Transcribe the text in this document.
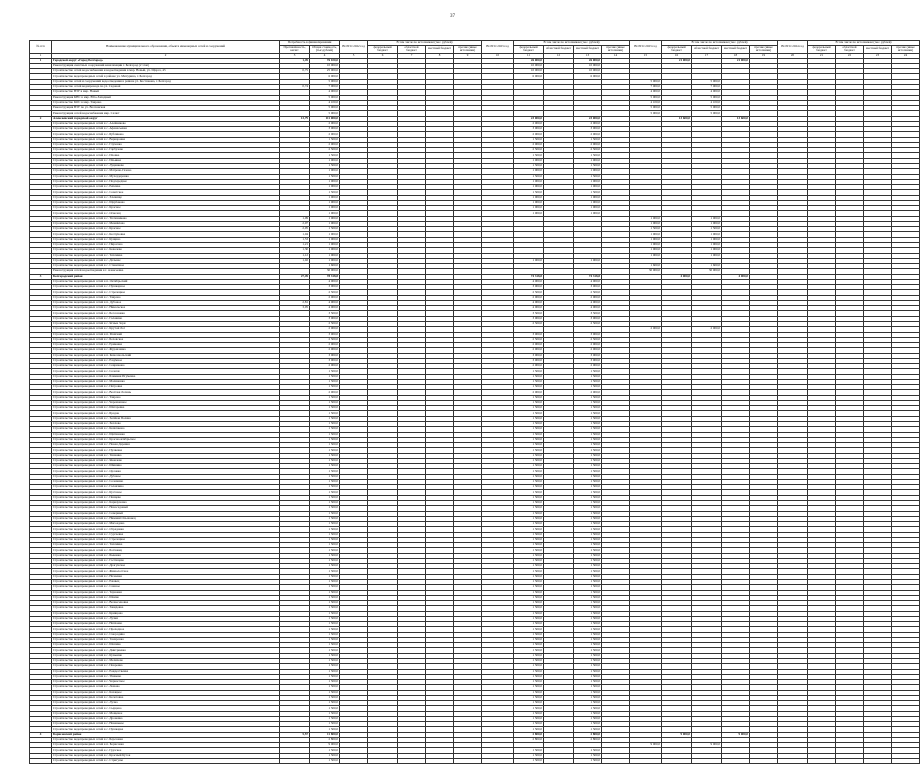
37
№ п/п	Наименование муниципального образования, объекта инженерных сетей и сооружений	Потребность в финансировании		ВСЕГО 2022 год	В том числе по источникам (тыс. рублей)				ВСЕГО 2023 год	В том числе по источникам (тыс. рублей)				ВСЕГО 2023 год	В том числе по источникам (тыс. рублей)				ВСЕГО 2024 год	В том числе по источникам (тыс. рублей)			
		Протяжённость, км/шт	Общая стоимость, (тыс.рублей)		федеральный бюджет	областной бюджет	местный бюджет	прочие (иные источники)		федеральный бюджет	областной бюджет	местный бюджет	прочие (иные источники)		федеральный бюджет	областной бюджет	местный бюджет	прочие (иные источники)		федеральный бюджет	областной бюджет	местный бюджет	прочие (иные источники)
1	2	3	4	5	6	7	8	9	10	11	12	13	14	15	16	17	18	19	20	21	22	23	24
1	Городской округ «Город Белгород»	1,49	76 100,0							26 000,0		26 000,0			21 000,0		21 000,0						
	Реконструкция очистных сооружений канализации г. Белгород (2 этап)		10 000,0							10 000,0		10 000,0											
	Строительство сетей водоснабжения и водоотведения в мкр. Новый, ул. Щорса, 45	0,75	25 000,0							10 000,0		10 000,0											
	Строительство водопроводных сетей в районе ул. Мичурина, г. Белгород		6 000,0							6 000,0		6 000,0											
	Строительство сетей и сооружений водоотведения в районе ул. Костюкова, г. Белгород		5 000,0											5 000,0		5 000,0							
	Строительство сетей водопровода по ул. Садовой	0,74	7 000,0											7 000,0		7 000,0							
	Строительство ВЗУ в мкр. Новый		4 000,0											4 000,0		4 000,0							
	Реконструкция КНС в мкр. Юго-Западный		5 000,0											5 000,0		5 000,0							
	Строительство КОС в мкр. Таврово		4 100,0											4 100,0		4 100,0							
	Реконструкция ВЗУ по ул. Волчанская		5 000,0											5 000,0		5 000,0							
	Реконструкция сетей водоснабжения мкр. Салют		5 000,0											5 000,0		5 000,0							
2	Алексеевский городской округ	13,79	111 000,0							23 000,0		23 000,0			13 600,0		13 600,0						
	Строительство водопроводных сетей в с. Алейниково		2 000,0							2 000,0		2 000,0											
	Строительство водопроводных сетей в с. Афанасьевка		3 000,0							3 000,0		3 000,0											
	Строительство водопроводных сетей в с. Бубликово		2 000,0							2 000,0		2 000,0											
	Строительство водопроводных сетей в с. Варваровка		1 500,0							1 500,0		1 500,0											
	Строительство водопроводных сетей в с. Глуховка		2 000,0							2 000,0		2 000,0											
	Строительство водопроводных сетей в с. Гарбузово		2 500,0							2 500,0		2 500,0											
	Строительство водопроводных сетей в с. Иловка		1 500,0							1 500,0		1 500,0											
	Строительство водопроводных сетей в с. Ильинка		1 000,0							1 000,0		1 000,0											
	Строительство водопроводных сетей в с. Луценково		1 500,0							1 500,0		1 500,0											
	Строительство водопроводных сетей в с. Матрено-Гезово		1 000,0							1 000,0		1 000,0											
	Строительство водопроводных сетей в с. Мухоудеровка		1 500,0							1 500,0		1 500,0											
	Строительство водопроводных сетей в с. Подсереднее		1 000,0							1 000,0		1 000,0											
	Строительство водопроводных сетей в с. Репенка		1 000,0							1 000,0		1 000,0											
	Строительство водопроводных сетей в с. Советское		1 500,0							1 500,0		1 500,0											
	Строительство водопроводных сетей в с. Хлевище		1 000,0							1 000,0		1 000,0											
	Строительство водопроводных сетей в с. Щербаково		1 000,0							1 000,0		1 000,0											
	Строительство водопроводных сетей в с. Красное		1 000,0							1 000,0		1 000,0											
	Строительство водопроводных сетей в с. Осколец		1 000,0							1 000,0		1 000,0											
	Строительство водопроводных сетей в с. Тютюниково	1,09	1 000,0											1 000,0		1 000,0							
	Строительство водопроводных сетей в с. Меняйлово	2,07	1 000,0											1 000,0		1 000,0							
	Строительство водопроводных сетей в с. Красное	2,05	1 500,0											1 500,0		1 500,0							
	Строительство водопроводных сетей в с. Колтуновка	1,04	1 000,0											1 000,0		1 000,0							
	Строительство водопроводных сетей в с. Кущино	1,53	1 000,0											1 000,0		1 000,0							
	Строительство водопроводных сетей в с. Пирогово	1,21	1 000,0											1 000,0		1 000,0							
	Строительство водопроводных сетей в с. Ковалево	1,30	1 000,0											1 000,0		1 000,0							
	Строительство водопроводных сетей в с. Теплинка	1,12	1 000,0											1 000,0		1 000,0							
	Строительство водопроводных сетей в с. Дальнее	1,02	1 000,0							1 000,0		1 000,0											
	Строительство водопроводных сетей в с. Станичное		1 600,0											1 600,0		1 600,0							
	Реконструкция сетей водоотведения в г. Алексеевка		30 000,0											30 000,0		30 000,0							
3	Белгородский район	27,49	78 318,8							74 318,8		74 318,8			4 000,0		4 000,0						
	Строительство водопроводных сетей в п. Октябрьский		4 000,0							4 000,0		4 000,0											
	Строительство водопроводных сетей в с. Пушкарное		3 000,0							3 000,0		3 000,0											
	Строительство водопроводных сетей в с. Стрелецкое		2 500,0							2 500,0		2 500,0											
	Строительство водопроводных сетей в с. Таврово		2 000,0							2 000,0		2 000,0											
	Строительство водопроводных сетей в п. Дубовое	2,81	4 000,0							4 000,0		4 000,0											
	Строительство водопроводных сетей в с. Никольское	3,05	4 000,0							4 000,0		4 000,0											
	Строительство водопроводных сетей в с. Бессоновка		3 500,0							3 500,0		3 500,0											
	Строительство водопроводных сетей в с. Головино		3 000,0							3 000,0		3 000,0											
	Строительство водопроводных сетей в с. Ясные Зори		2 500,0							2 500,0		2 500,0											
	Строительство водопроводных сетей в с. Крутой Лог		2 000,0											2 000,0		2 000,0							
	Строительство водопроводных сетей в п. Майский		3 000,0							3 000,0		3 000,0											
	Строительство водопроводных сетей в с. Беловское		2 500,0							2 500,0		2 500,0											
	Строительство водопроводных сетей в с. Ериковка		2 000,0							2 000,0		2 000,0											
	Строительство водопроводных сетей в с. Журавлевка		2 000,0							2 000,0		2 000,0											
	Строительство водопроводных сетей в п. Комсомольский		3 000,0							3 000,0		3 000,0											
	Строительство водопроводных сетей в с. Разумное		3 000,0							3 000,0		3 000,0											
	Строительство водопроводных сетей в с. Севрюково		2 000,0							2 000,0		2 000,0											
	Строительство водопроводных сетей в с. Солохи		1 500,0							1 500,0		1 500,0											
	Строительство водопроводных сетей в с. Ближняя Игуменка		1 500,0							1 500,0		1 500,0											
	Строительство водопроводных сетей в с. Малиновка		1 500,0							1 500,0		1 500,0											
	Строительство водопроводных сетей в с. Петровка		1 500,0							1 500,0		1 500,0											
	Строительство водопроводных сетей в с. Весёлая Лопань		2 000,0							2 000,0		2 000,0											
	Строительство водопроводных сетей в с. Тавровo		1 500,0							1 500,0		1 500,0											
	Строительство водопроводных сетей в с. Черемошное		1 500,0							1 500,0		1 500,0											
	Строительство водопроводных сетей в с. Шагаровка		1 500,0							1 500,0		1 500,0											
	Строительство водопроводных сетей в с. Бродок		1 500,0							1 500,0		1 500,0											
	Строительство водопроводных сетей в с. Зелёная Поляна		1 500,0							1 500,0		1 500,0											
	Строительство водопроводных сетей в с. Хохлово		1 500,0							1 500,0		1 500,0											
	Строительство водопроводных сетей в с. Кошлаково		1 500,0							1 500,0		1 500,0											
	Строительство водопроводных сетей в с. Щетиновка		1 500,0							1 500,0		1 500,0											
	Строительство водопроводных сетей в с. Краснооктябрьское		1 500,0							1 500,0		1 500,0											
	Строительство водопроводных сетей в с. Новая Деревня		1 500,0							1 500,0		1 500,0											
	Строительство водопроводных сетей в с. Пуляевка		1 500,0							1 500,0		1 500,0											
	Строительство водопроводных сетей в с. Тишанка		1 500,0							1 500,0		1 500,0											
	Строительство водопроводных сетей в с. Яковлево		1 500,0							1 500,0		1 500,0											
	Строительство водопроводных сетей в с. Шишино		1 500,0							1 500,0		1 500,0											
	Строительство водопроводных сетей в с. Орловка		1 500,0							1 500,0		1 500,0											
	Строительство водопроводных сетей в с. Дубовое		1 500,0							1 500,0		1 500,0											
	Строительство водопроводных сетей в с. Соломино		1 500,0							1 500,0		1 500,0											
	Строительство водопроводных сетей в с. Головчино		1 500,0							1 500,0		1 500,0											
	Строительство водопроводных сетей в с. Кустовое		1 500,0							1 500,0		1 500,0											
	Строительство водопроводных сетей в с. Пенцево		1 500,0							1 500,0		1 500,0											
	Строительство водопроводных сетей в с. Карнауховка		1 500,0							1 500,0		1 500,0											
	Строительство водопроводных сетей в с. Новосадовый		1 500,0							1 500,0		1 500,0											
	Строительство водопроводных сетей в с. Северный		1 500,0							1 500,0		1 500,0											
	Строительство водопроводных сетей в с. Нижний Ольшанец		1 500,0							1 500,0		1 500,0											
	Строительство водопроводных сетей в с. Мясоедово		1 500,0							1 500,0		1 500,0											
	Строительство водопроводных сетей в с. Отрадовка		1 500,0							1 500,0		1 500,0											
	Строительство водопроводных сетей в с. Сургаевка		1 500,0							1 500,0		1 500,0											
	Строительство водопроводных сетей в с. Стрелецкое		1 500,0							1 500,0		1 500,0											
	Строительство водопроводных сетей в с. Топлинка		1 500,0							1 500,0		1 500,0											
	Строительство водопроводных сетей в с. Болховец		1 500,0							1 500,0		1 500,0											
	Строительство водопроводных сетей в с. Быковка		1 500,0							1 500,0		1 500,0											
	Строительство водопроводных сетей в с. Гостищево		1 500,0							1 500,0		1 500,0											
	Строительство водопроводных сетей в с. Драгунское		1 500,0							1 500,0		1 500,0											
	Строительство водопроводных сетей в с. Жимолостное		1 500,0							1 500,0		1 500,0											
	Строительство водопроводных сетей в с. Нечаевка		1 500,0							1 500,0		1 500,0											
	Строительство водопроводных сетей в с. Ржавец		1 500,0							1 500,0		1 500,0											
	Строительство водопроводных сетей в с. Сажное		1 500,0							1 500,0		1 500,0											
	Строительство водопроводных сетей в с. Терновка		1 500,0							1 500,0		1 500,0											
	Строительство водопроводных сетей в с. Шеино		1 500,0							1 500,0		1 500,0											
	Строительство водопроводных сетей в с. Вознесеновка		1 500,0							1 500,0		1 500,0											
	Строительство водопроводных сетей в с. Завидовка		1 500,0							1 500,0		1 500,0											
	Строительство водопроводных сетей в с. Кривцово		1 500,0							1 500,0		1 500,0											
	Строительство водопроводных сетей в с. Лучки		1 500,0							1 500,0		1 500,0											
	Строительство водопроводных сетей в с. Непхаево		1 500,0							1 500,0		1 500,0											
	Строительство водопроводных сетей в с. Проходное		1 500,0							1 500,0		1 500,0											
	Строительство водопроводных сетей в с. Смородино		1 500,0							1 500,0		1 500,0											
	Строительство водопроводных сетей в с. Томаровка		1 500,0							1 500,0		1 500,0											
	Строительство водопроводных сетей в с. Шопино		1 500,0							1 500,0		1 500,0											
	Строительство водопроводных сетей в с. Дмитриевка		1 500,0							1 500,0		1 500,0											
	Строительство водопроводных сетей в с. Кузькино		1 500,0							1 500,0		1 500,0											
	Строительство водопроводных сетей в с. Мелихово		1 500,0							1 500,0		1 500,0											
	Строительство водопроводных сетей в с. Покровка		1 500,0							1 500,0		1 500,0											
	Строительство водопроводных сетей в с. Рождественка		1 500,0							1 500,0		1 500,0											
	Строительство водопроводных сетей в с. Ушаково		1 500,0							1 500,0		1 500,0											
	Строительство водопроводных сетей в с. Черкасское		1 500,0							1 500,0		1 500,0											
	Строительство водопроводных сетей в с. Ломово		1 500,0							1 500,0		1 500,0											
	Строительство водопроводных сетей в с. Казацкое		1 500,0							1 500,0		1 500,0											
	Строительство водопроводных сетей в с. Кочетовка		1 500,0							1 500,0		1 500,0											
	Строительство водопроводных сетей в с. Лучка		1 500,0							1 500,0		1 500,0											
	Строительство водопроводных сетей в с. Сырцево		1 500,0							1 500,0		1 500,0											
	Строительство водопроводных сетей в с. Мощеное		1 500,0							1 500,0		1 500,0											
	Строительство водопроводных сетей в с. Дроновка		1 500,0							1 500,0		1 500,0											
	Строительство водопроводных сетей в с. Новенькое		1 500,0							1 500,0		1 500,0											
	Строительство водопроводных сетей в с. Пушкарка		1 500,0							1 500,0		1 500,0											
4	Борисовский район	5,57	11 800,0							2 800,0		2 800,0			9 000,0		9 000,0						
	Строительство водопроводных сетей в с. Березовка		2 800,0							2 800,0		2 800,0											
	Строительство водопроводных сетей в п. Борисовка		9 000,0											9 000,0		9 000,0							
	Строительство водопроводных сетей в с. Грузское		1 500,0							1 500,0		1 500,0											
	Строительство водопроводных сетей в с. Красный Куток		1 500,0							1 500,0		1 500,0											
	Строительство водопроводных сетей в с. Стригуны		1 500,0							1 500,0		1 500,0											
